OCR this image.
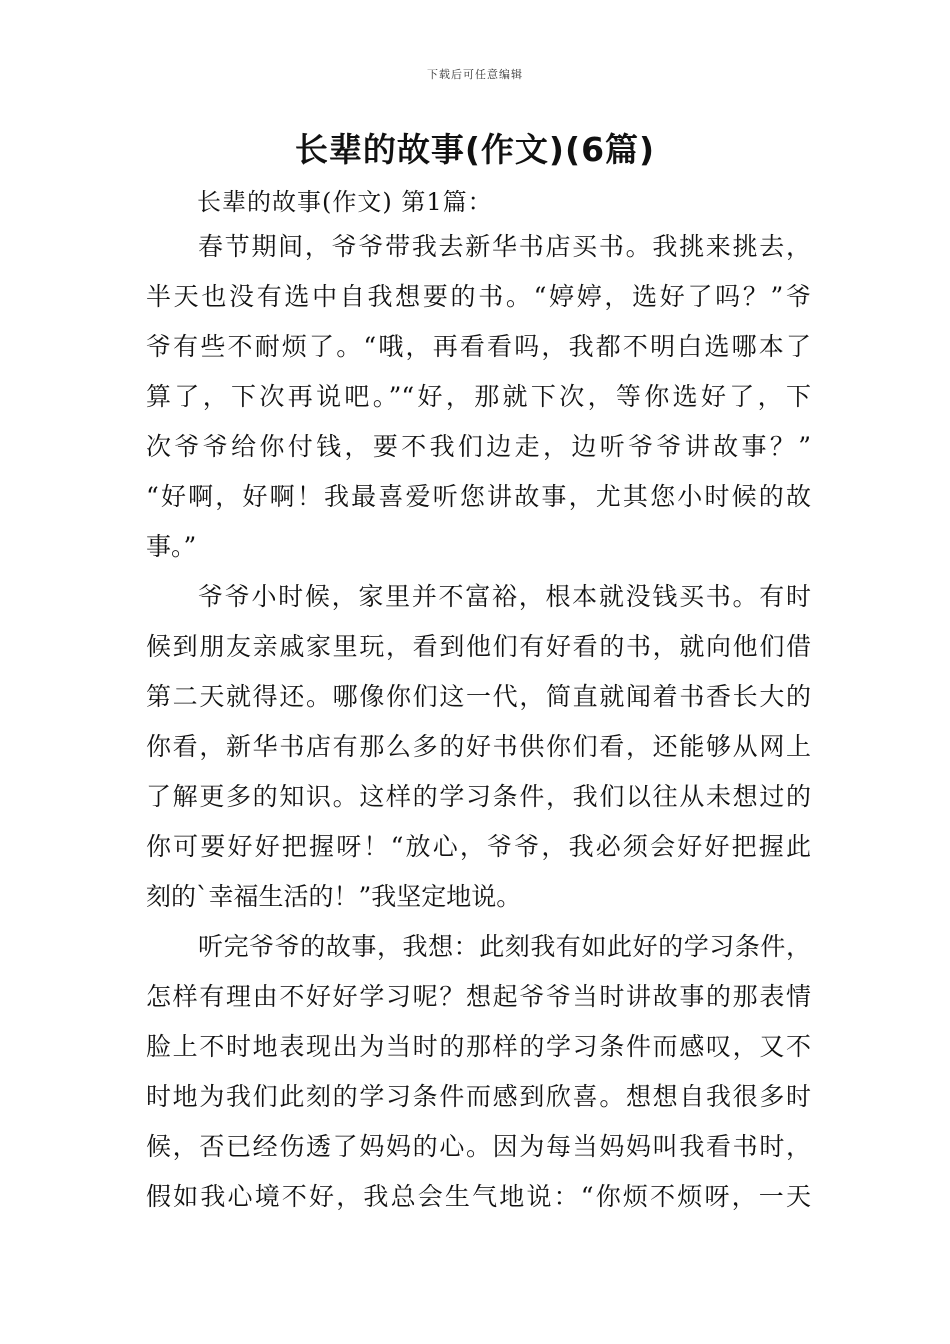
下载后可任意编辑
长辈的故事(作文)(6篇)
长辈的故事(作文) 第1篇：
春节期间，爷爷带我去新华书店买书。我挑来挑去，
半天也没有选中自我想要的书。“婷婷，选好了吗？”爷
爷有些不耐烦了。“哦，再看看吗，我都不明白选哪本了
算了，下次再说吧。”“好，那就下次，等你选好了，下
次爷爷给你付钱，要不我们边走，边听爷爷讲故事？”
“好啊，好啊！我最喜爱听您讲故事，尤其您小时候的故
事。”
爷爷小时候，家里并不富裕，根本就没钱买书。有时
候到朋友亲戚家里玩，看到他们有好看的书，就向他们借
第二天就得还。哪像你们这一代，简直就闻着书香长大的
你看，新华书店有那么多的好书供你们看，还能够从网上
了解更多的知识。这样的学习条件，我们以往从未想过的
你可要好好把握呀！“放心，爷爷，我必须会好好把握此
刻的`幸福生活的！”我坚定地说。
听完爷爷的故事，我想：此刻我有如此好的学习条件，
怎样有理由不好好学习呢？想起爷爷当时讲故事的那表情
脸上不时地表现出为当时的那样的学习条件而感叹，又不
时地为我们此刻的学习条件而感到欣喜。想想自我很多时
候，否已经伤透了妈妈的心。因为每当妈妈叫我看书时，
假如我心境不好，我总会生气地说：“你烦不烦呀，一天
